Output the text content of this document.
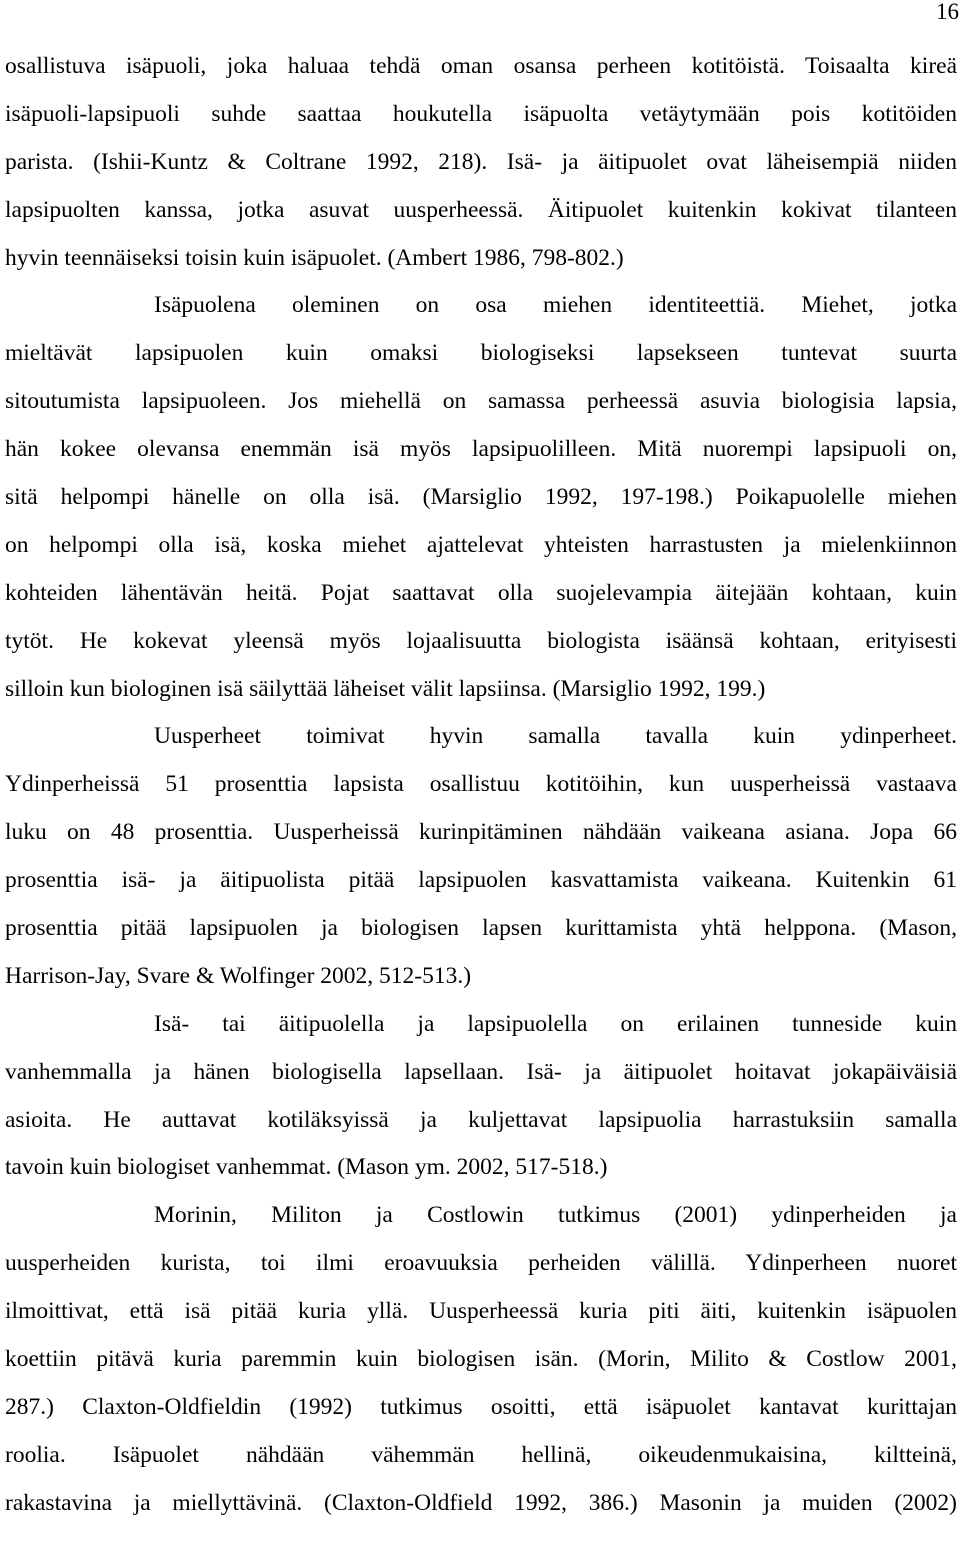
16
osallistuva isäpuoli, joka haluaa tehdä oman osansa perheen kotitöistä. Toisaalta kireä
isäpuoli-lapsipuoli suhde saattaa houkutella isäpuolta vetäytymään pois kotitöiden
parista. (Ishii-Kuntz & Coltrane 1992, 218). Isä- ja äitipuolet ovat läheisempiä niiden
lapsipuolten kanssa, jotka asuvat uusperheessä. Äitipuolet kuitenkin kokivat tilanteen
hyvin teennäiseksi toisin kuin isäpuolet. (Ambert 1986, 798-802.)
Isäpuolena oleminen on osa miehen identiteettiä. Miehet, jotka
mieltävät lapsipuolen kuin omaksi biologiseksi lapsekseen tuntevat suurta
sitoutumista lapsipuoleen. Jos miehellä on samassa perheessä asuvia biologisia lapsia,
hän kokee olevansa enemmän isä myös lapsipuolilleen. Mitä nuorempi lapsipuoli on,
sitä helpompi hänelle on olla isä. (Marsiglio 1992, 197-198.) Poikapuolelle miehen
on helpompi olla isä, koska miehet ajattelevat yhteisten harrastusten ja mielenkiinnon
kohteiden lähentävän heitä. Pojat saattavat olla suojelevampia äitejään kohtaan, kuin
tytöt. He kokevat yleensä myös lojaalisuutta biologista isäänsä kohtaan, erityisesti
silloin kun biologinen isä säilyttää läheiset välit lapsiinsa. (Marsiglio 1992, 199.)
Uusperheet toimivat hyvin samalla tavalla kuin ydinperheet.
Ydinperheissä 51 prosenttia lapsista osallistuu kotitöihin, kun uusperheissä vastaava
luku on 48 prosenttia. Uusperheissä kurinpitäminen nähdään vaikeana asiana. Jopa 66
prosenttia isä- ja äitipuolista pitää lapsipuolen kasvattamista vaikeana. Kuitenkin 61
prosenttia pitää lapsipuolen ja biologisen lapsen kurittamista yhtä helppona. (Mason,
Harrison-Jay, Svare & Wolfinger 2002, 512-513.)
Isä- tai äitipuolella ja lapsipuolella on erilainen tunneside kuin
vanhemmalla ja hänen biologisella lapsellaan. Isä- ja äitipuolet hoitavat jokapäiväisiä
asioita. He auttavat kotiläksyissä ja kuljettavat lapsipuolia harrastuksiin samalla
tavoin kuin biologiset vanhemmat. (Mason ym. 2002, 517-518.)
Morinin, Militon ja Costlowin tutkimus (2001) ydinperheiden ja
uusperheiden kurista, toi ilmi eroavuuksia perheiden välillä. Ydinperheen nuoret
ilmoittivat, että isä pitää kuria yllä. Uusperheessä kuria piti äiti, kuitenkin isäpuolen
koettiin pitävä kuria paremmin kuin biologisen isän. (Morin, Milito & Costlow 2001,
287.) Claxton-Oldfieldin (1992) tutkimus osoitti, että isäpuolet kantavat kurittajan
roolia. Isäpuolet nähdään vähemmän hellinä, oikeudenmukaisina, kiltteinä,
rakastavina ja miellyttävinä. (Claxton-Oldfield 1992, 386.) Masonin ja muiden (2002)
